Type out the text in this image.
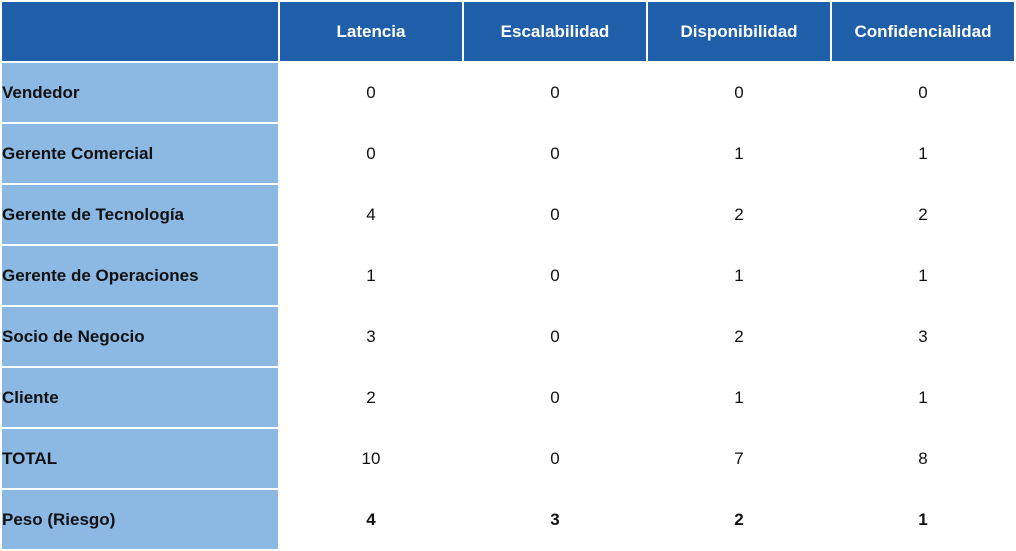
	Latencia	Escalabilidad	Disponibilidad	Confidencialidad
Vendedor	0	0	0	0
Gerente Comercial	0	0	1	1
Gerente de Tecnología	4	0	2	2
Gerente de Operaciones	1	0	1	1
Socio de Negocio	3	0	2	3
Cliente	2	0	1	1
TOTAL	10	0	7	8
Peso (Riesgo)	4	3	2	1
